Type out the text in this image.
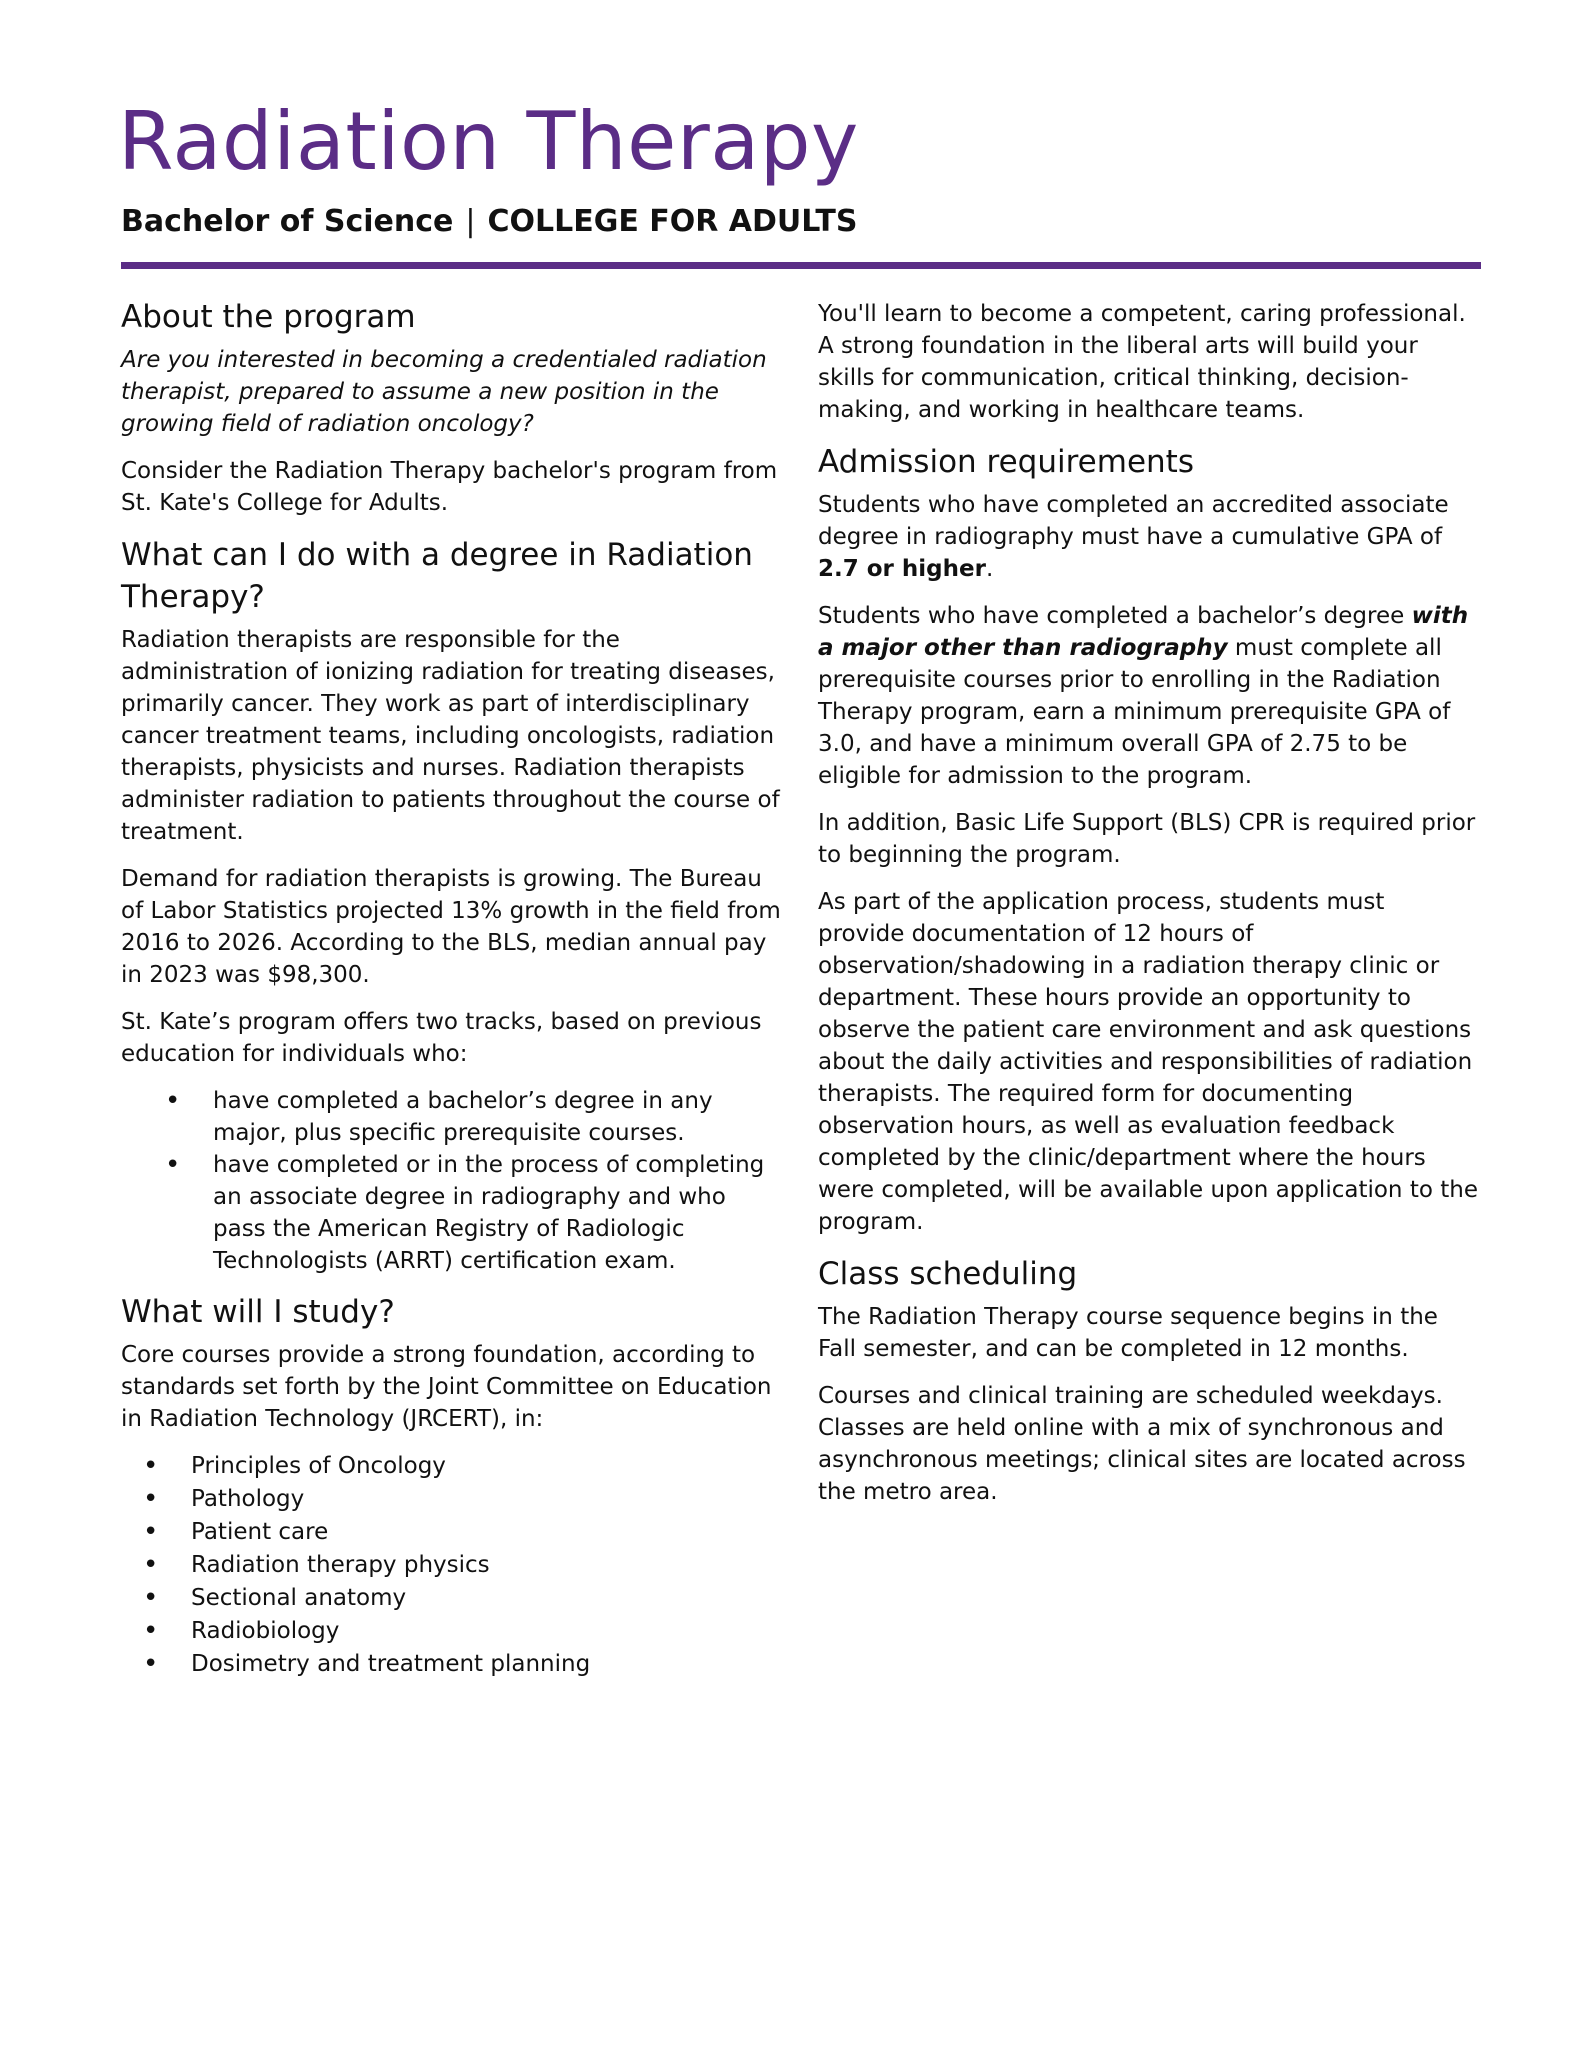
Radiation Therapy
Bachelor of Science | COLLEGE FOR ADULTS
About the program

Are you interested in becoming a credentialed radiation therapist, prepared to assume a new position in the growing field of radiation oncology?

Consider the Radiation Therapy bachelor's program from St. Kate's College for Adults.

What can I do with a degree in Radiation Therapy?

Radiation therapists are responsible for the administration of ionizing radiation for treating diseases, primarily cancer. They work as part of interdisciplinary cancer treatment teams, including oncologists, radiation therapists, physicists and nurses. Radiation therapists administer radiation to patients throughout the course of treatment.

Demand for radiation therapists is growing. The Bureau of Labor Statistics projected 13% growth in the field from 2016 to 2026. According to the BLS, median annual pay in 2023 was $98,300.

St. Kate’s program offers two tracks, based on previous education for individuals who:

• have completed a bachelor’s degree in any major, plus specific prerequisite courses.
• have completed or in the process of completing an associate degree in radiography and who pass the American Registry of Radiologic Technologists (ARRT) certification exam.
What will I study?

Core courses provide a strong foundation, according to standards set forth by the Joint Committee on Education in Radiation Technology (JRCERT), in:

• Principles of Oncology
• Pathology
• Patient care
• Radiation therapy physics
• Sectional anatomy
• Radiobiology
• Dosimetry and treatment planning

You'll learn to become a competent, caring professional. A strong foundation in the liberal arts will build your skills for communication, critical thinking, decision-making, and working in healthcare teams.

Admission requirements

Students who have completed an accredited associate degree in radiography must have a cumulative GPA of 2.7 or higher.

Students who have completed a bachelor’s degree with a major other than radiography must complete all prerequisite courses prior to enrolling in the Radiation Therapy program, earn a minimum prerequisite GPA of 3.0, and have a minimum overall GPA of 2.75 to be eligible for admission to the program.

In addition, Basic Life Support (BLS) CPR is required prior to beginning the program.

As part of the application process, students must provide documentation of 12 hours of observation/shadowing in a radiation therapy clinic or department. These hours provide an opportunity to observe the patient care environment and ask questions about the daily activities and responsibilities of radiation therapists. The required form for documenting observation hours, as well as evaluation feedback completed by the clinic/department where the hours were completed, will be available upon application to the program.

Class scheduling

The Radiation Therapy course sequence begins in the Fall semester, and can be completed in 12 months.

Courses and clinical training are scheduled weekdays. Classes are held online with a mix of synchronous and asynchronous meetings; clinical sites are located across the metro area.
